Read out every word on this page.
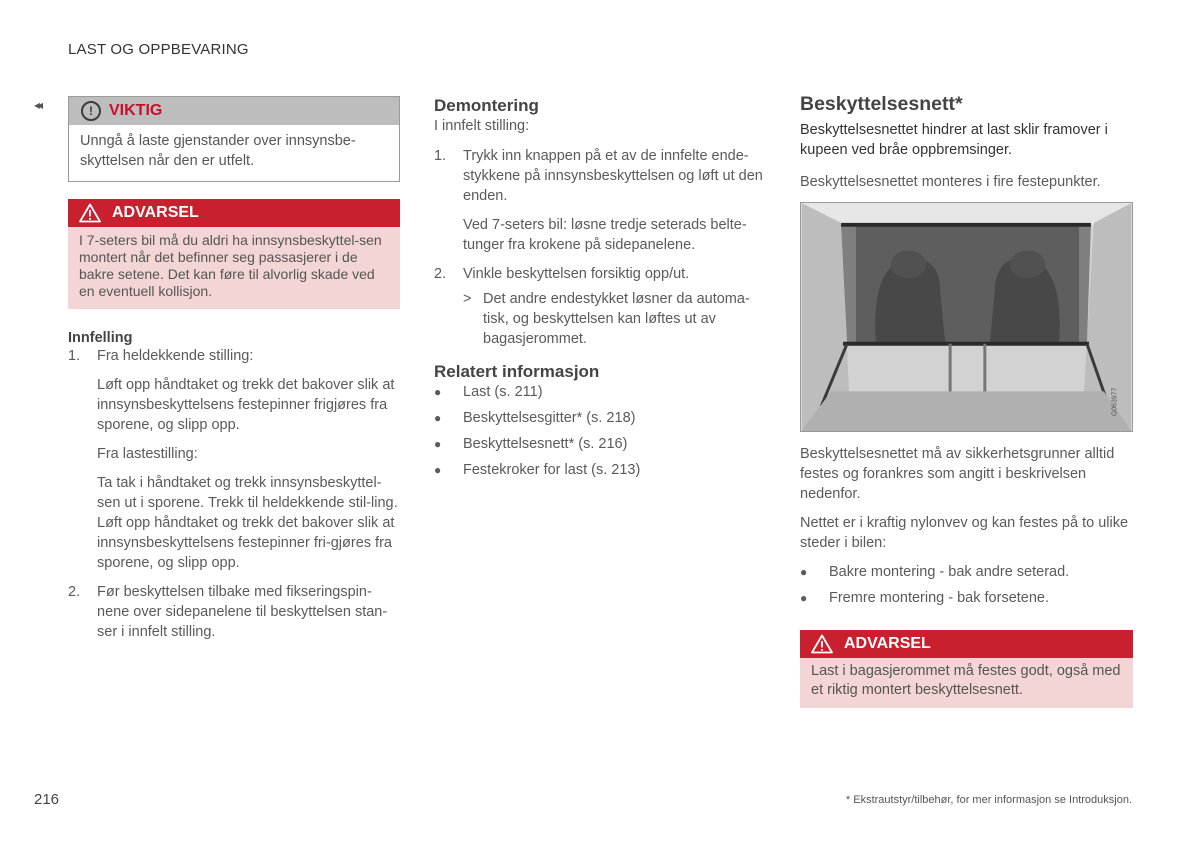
LAST OG OPPBEVARING
◂◂	!	VIKTIG
Unngå å laste gjenstander over innsynsbe-skyttelsen når den er utfelt.
ADVARSEL
I 7-seters bil må du aldri ha innsynsbeskyttel-sen montert når det befinner seg passasjerer i de bakre setene. Det kan føre til alvorlig skade ved en eventuell kollisjon.
Innfelling
1.	Fra heldekkende stilling:
Løft opp håndtaket og trekk det bakover slik at innsynsbeskyttelsens festepinner frigjøres fra sporene, og slipp opp.
Fra lastestilling:
Ta tak i håndtaket og trekk innsynsbeskyttel-sen ut i sporene. Trekk til heldekkende stil-ling. Løft opp håndtaket og trekk det bakover slik at innsynsbeskyttelsens festepinner fri-gjøres fra sporene, og slipp opp.
2.	Før beskyttelsen tilbake med fikseringspin-nene over sidepanelene til beskyttelsen stan-ser i innfelt stilling.
Demontering
I innfelt stilling:
1.	Trykk inn knappen på et av de innfelte ende-stykkene på innsynsbeskyttelsen og løft ut den enden.
Ved 7-seters bil: løsne tredje seterads belte-tunger fra krokene på sidepanelene.
2.	Vinkle beskyttelsen forsiktig opp/ut.
> Det andre endestykket løsner da automa-tisk, og beskyttelsen kan løftes ut av bagasjerommet.
Relatert informasjon
●	Last (s. 211)
●	Beskyttelsesgitter* (s. 218)
●	Beskyttelsesnett* (s. 216)
●	Festekroker for last (s. 213)
Beskyttelsesnett*
Beskyttelsesnettet hindrer at last sklir framover i kupeen ved bråe oppbremsinger.
Beskyttelsesnettet monteres i fire festepunkter.
G063977
Beskyttelsesnettet må av sikkerhetsgrunner alltid festes og forankres som angitt i beskrivelsen nedenfor.
Nettet er i kraftig nylonvev og kan festes på to ulike steder i bilen:
●	Bakre montering - bak andre seterad.
●	Fremre montering - bak forsetene.
ADVARSEL
Last i bagasjerommet må festes godt, også med et riktig montert beskyttelsesnett.
216	* Ekstrautstyr/tilbehør, for mer informasjon se Introduksjon.
